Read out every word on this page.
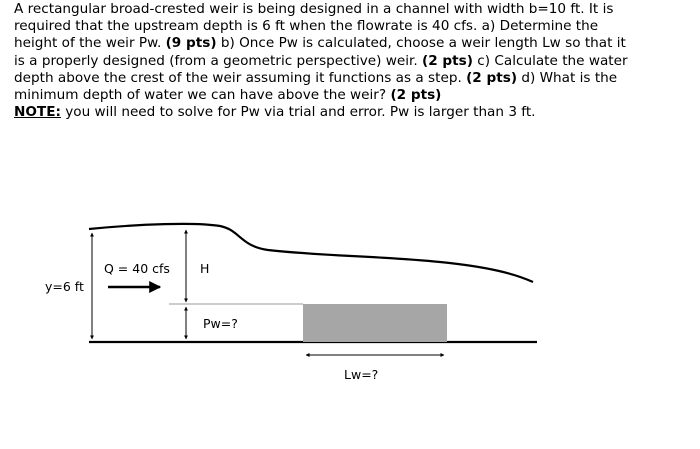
A rectangular broad-crested weir is being designed in a channel with width b=10 ft. It is
required that the upstream depth is 6 ft when the flowrate is 40 cfs. a) Determine the
height of the weir Pw. (9 pts) b) Once Pw is calculated, choose a weir length Lw so that it
is a properly designed (from a geometric perspective) weir. (2 pts) c) Calculate the water
depth above the crest of the weir assuming it functions as a step. (2 pts) d) What is the
minimum depth of water we can have above the weir? (2 pts)
NOTE: you will need to solve for Pw via trial and error. Pw is larger than 3 ft.
y=6 ft
H
Pw=?
Q = 40 cfs
Lw=?
